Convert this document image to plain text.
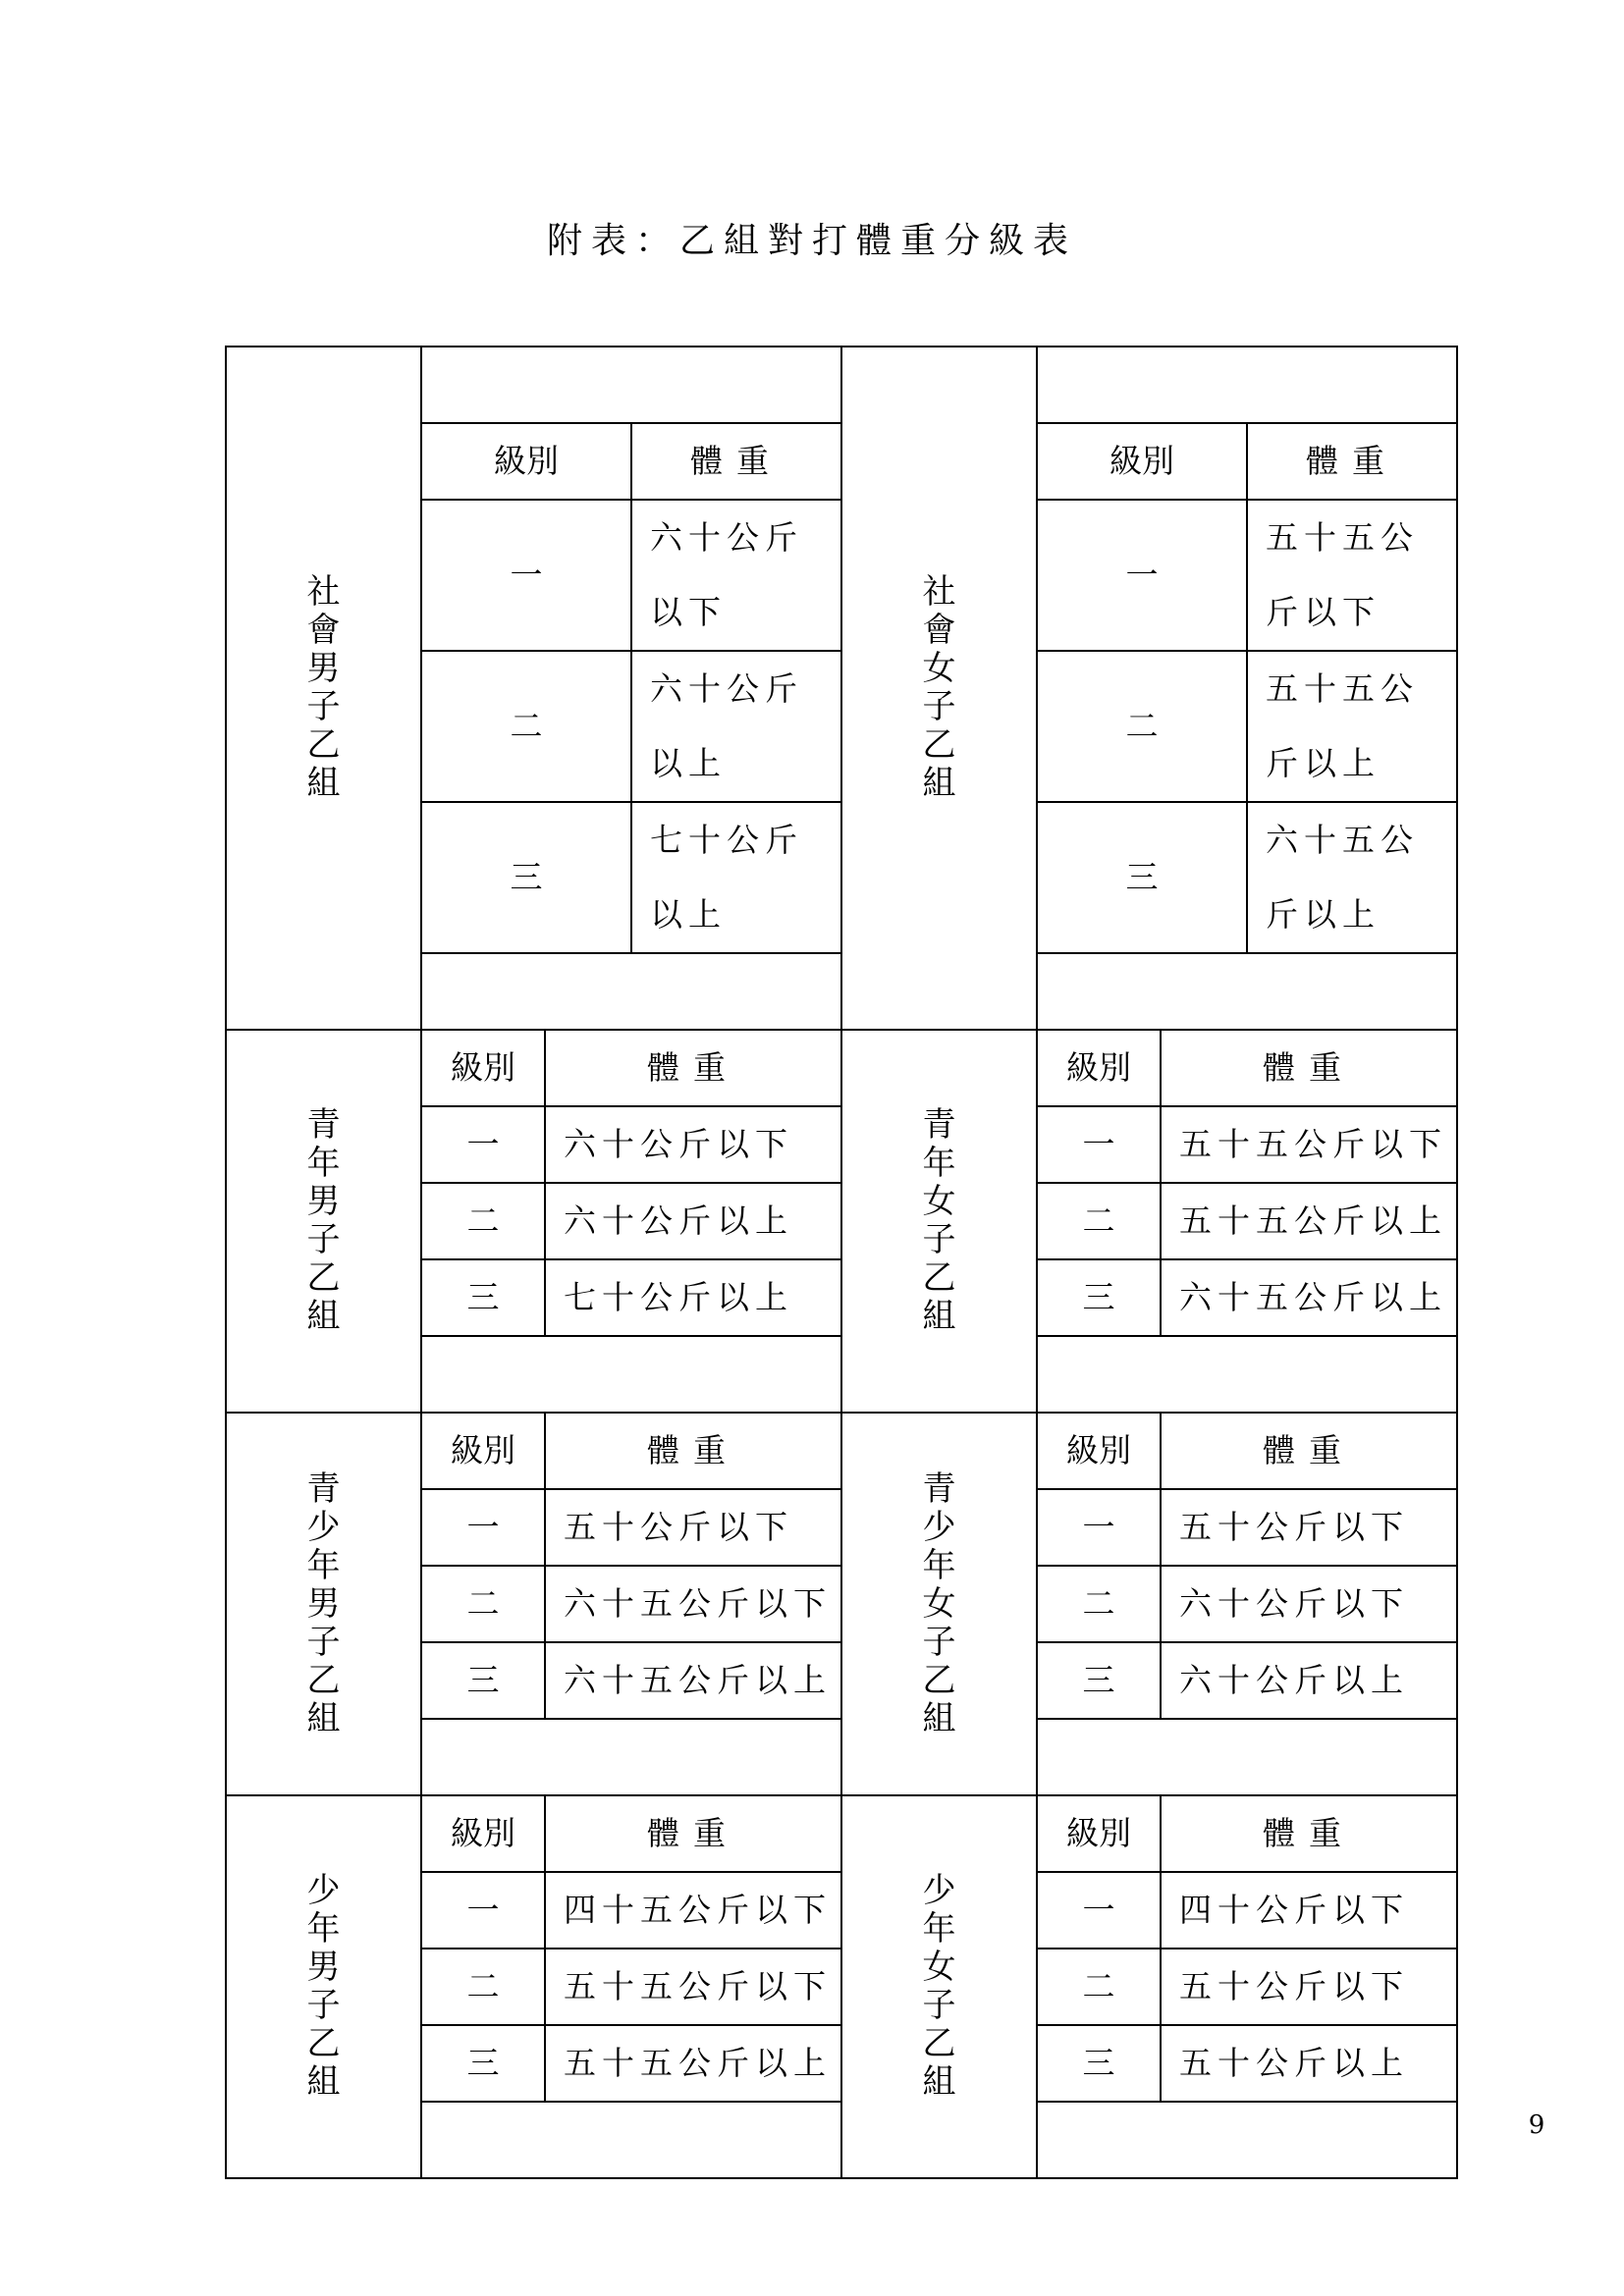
附表：乙組對打體重分級表
社會男子乙組	

級別	體重
一	六十公斤以下
二	六十公斤以上
三	七十公斤以上

	社會女子乙組	

級別	體重
一	五十五公斤以下
二	五十五公斤以上
三	六十五公斤以上

青年男子乙組	
級別	體重
一	六十公斤以下
二	六十公斤以上
三	七十公斤以上

	青年女子乙組	
級別	體重
一	五十五公斤以下
二	五十五公斤以上
三	六十五公斤以上

青少年男子乙組	
級別	體重
一	五十公斤以下
二	六十五公斤以下
三	六十五公斤以上

	青少年女子乙組	
級別	體重
一	五十公斤以下
二	六十公斤以下
三	六十公斤以上

少年男子乙組	
級別	體重
一	四十五公斤以下
二	五十五公斤以下
三	五十五公斤以上

	少年女子乙組	
級別	體重
一	四十公斤以下
二	五十公斤以下
三	五十公斤以上

9
